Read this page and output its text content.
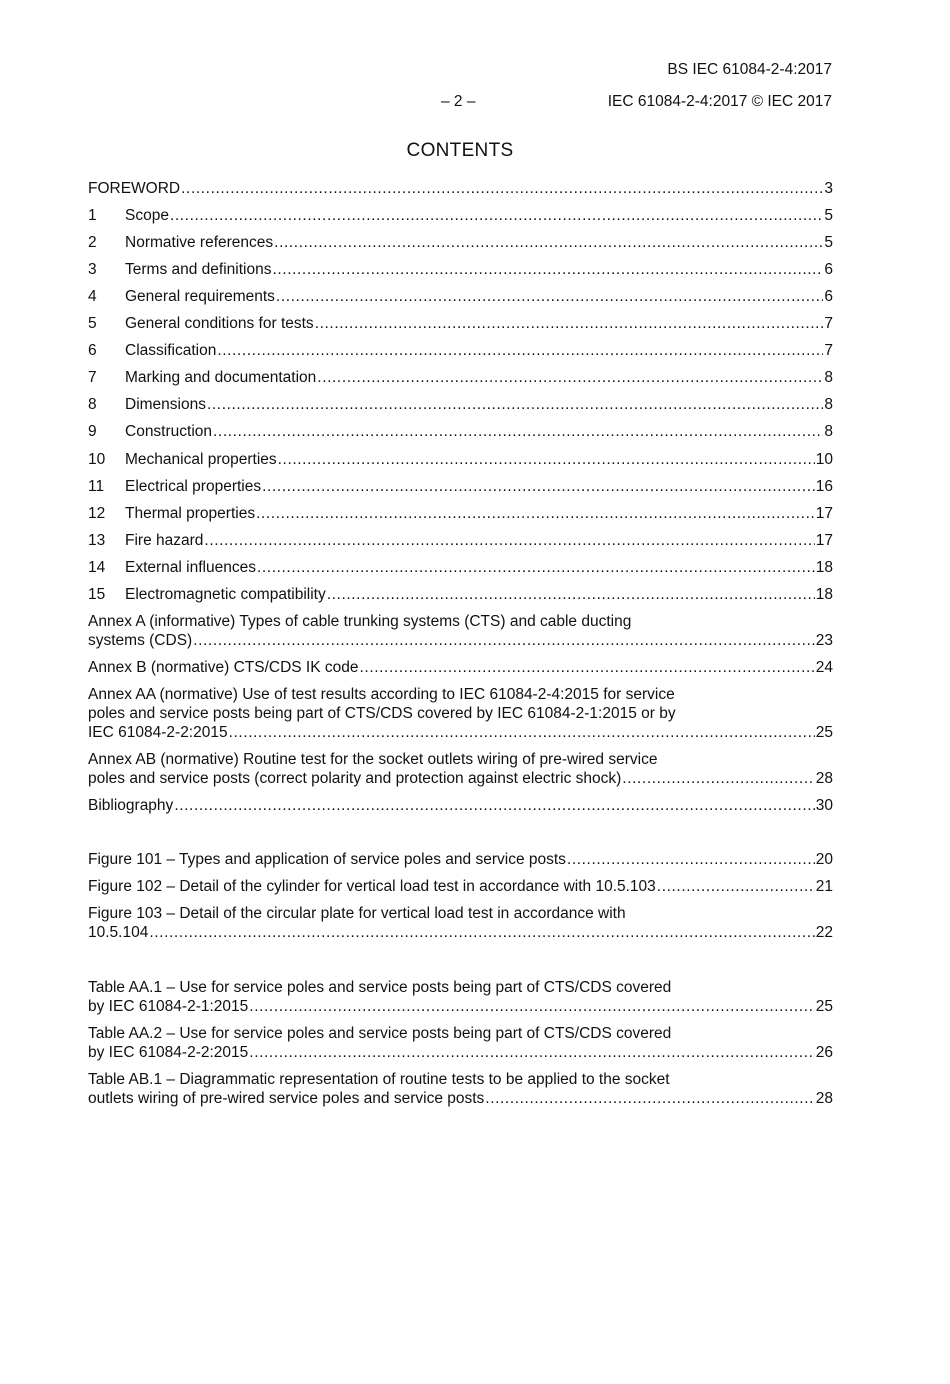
BS IEC 61084-2-4:2017
– 2 –	IEC 61084-2-4:2017 © IEC 2017
CONTENTS
FOREWORD .....	3
1	Scope .....	5
2	Normative references .....	5
3	Terms and definitions .....	6
4	General requirements .....	6
5	General conditions for tests .....	7
6	Classification .....	7
7	Marking and documentation .....	8
8	Dimensions .....	8
9	Construction .....	8
10	Mechanical properties .....	10
11	Electrical properties .....	16
12	Thermal properties .....	17
13	Fire hazard .....	17
14	External influences .....	18
15	Electromagnetic compatibility .....	18
Annex A (informative) Types of cable trunking systems (CTS) and cable ducting
systems (CDS) .....	23
Annex B (normative) CTS/CDS IK code .....	24
Annex AA (normative) Use of test results according to IEC 61084-2-4:2015 for service
poles and service posts being part of CTS/CDS covered by IEC 61084-2-1:2015 or by
IEC 61084-2-2:2015 .....	25
Annex AB (normative) Routine test for the socket outlets wiring of pre-wired service
poles and service posts (correct polarity and protection against electric shock) .....	28
Bibliography .....	30
Figure 101 – Types and application of service poles and service posts .....	20
Figure 102 – Detail of the cylinder for vertical load test in accordance with 10.5.103 .....	21
Figure 103 – Detail of the circular plate for vertical load test in accordance with
10.5.104 .....	22
Table AA.1 – Use for service poles and service posts being part of CTS/CDS covered
by IEC 61084-2-1:2015 .....	25
Table AA.2 – Use for service poles and service posts being part of CTS/CDS covered
by IEC 61084-2-2:2015 .....	26
Table AB.1 – Diagrammatic representation of routine tests to be applied to the socket
outlets wiring of pre-wired service poles and service posts .....	28
